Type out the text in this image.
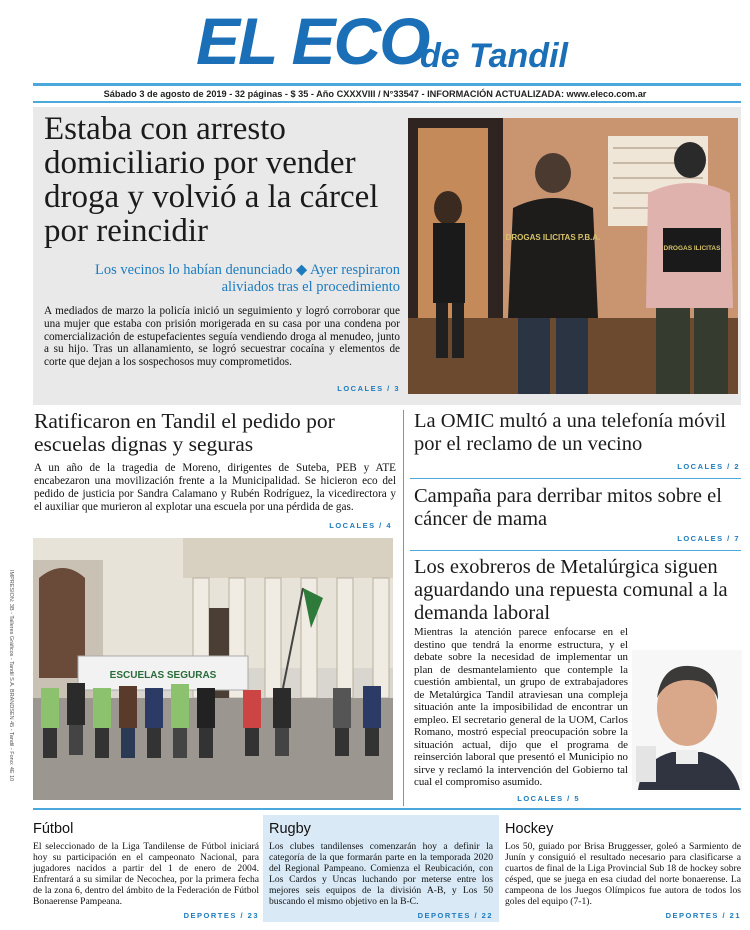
EL ECO
de Tandil
Sábado 3 de agosto de 2019 - 32 páginas - $ 35 - Año CXXXVIII / N°33547 - INFORMACIÓN ACTUALIZADA: www.eleco.com.ar
Estaba con arresto domiciliario por vender droga y volvió a la cárcel por reincidir
Los vecinos lo habían denunciado ◆ Ayer respiraron aliviados tras el procedimiento
A mediados de marzo la policía inició un seguimiento y logró corroborar que una mujer que estaba con prisión morigerada en su casa por una condena por comercialización de estupefacientes seguía vendiendo droga al menudeo, junto a su hijo. Tras un allanamiento, se logró secuestrar cocaína y elementos de corte que dejan a los sospechosos muy comprometidos.
LOCALES / 3
DROGAS ILICITAS P.B.A.
DROGAS ILICITAS
Ratificaron en Tandil el pedido por escuelas dignas y seguras
A un año de la tragedia de Moreno, dirigentes de Suteba, PEB y ATE encabezaron una movilización frente a la Municipalidad. Se hicieron eco del pedido de justicia por Sandra Calamano y Rubén Rodríguez, la vicedirectora y el auxiliar que murieron al explotar una escuela por una pérdida de gas.
LOCALES / 4
ESCUELAS SEGURAS
IMPRESION: 3B - Talleres Gráficos - Tandil S.A. BRANDSEN 45 - Tandil - Fono: 4E 10
La OMIC multó a una telefonía móvil por el reclamo de un vecino
LOCALES / 2
Campaña para derribar mitos sobre el cáncer de mama
LOCALES / 7
Los exobreros de Metalúrgica siguen aguardando una repuesta comunal a la demanda laboral
Mientras la atención parece enfocarse en el destino que tendrá la enorme estructura, y el debate sobre la necesidad de implementar un plan de desmantelamiento que contemple la cuestión ambiental, un grupo de extrabajadores de Metalúrgica Tandil atraviesan una compleja situación ante la imposibilidad de encontrar un empleo. El secretario general de la UOM, Carlos Romano, mostró especial preocupación sobre la situación actual, dijo que el programa de reinserción laboral que presentó el Municipio no sirve y reclamó la intervención del Gobierno tal cual el compromiso asumido.
LOCALES / 5
Fútbol
El seleccionado de la Liga Tandilense de Fútbol iniciará hoy su participación en el campeonato Nacional, para jugadores nacidos a partir del 1 de enero de 2004. Enfrentará a su similar de Necochea, por la primera fecha de la zona 6, dentro del ámbito de la Federación de Fútbol Bonaerense Pampeana.
DEPORTES / 23
Rugby
Los clubes tandilenses comenzarán hoy a definir la categoría de la que formarán parte en la temporada 2020 del Regional Pampeano. Comienza el Reubicación, con Los Cardos y Uncas luchando por meterse entre los mejores seis equipos de la división A-B, y Los 50 buscando el mismo objetivo en la B-C.
DEPORTES / 22
Hockey
Los 50, guiado por Brisa Bruggesser, goleó a Sarmiento de Junín y consiguió el resultado necesario para clasificarse a cuartos de final de la Liga Provincial Sub 18 de hockey sobre césped, que se juega en esa ciudad del norte bonaerense. La campeona de los Juegos Olímpicos fue autora de todos los goles del equipo (7-1).
DEPORTES / 21
